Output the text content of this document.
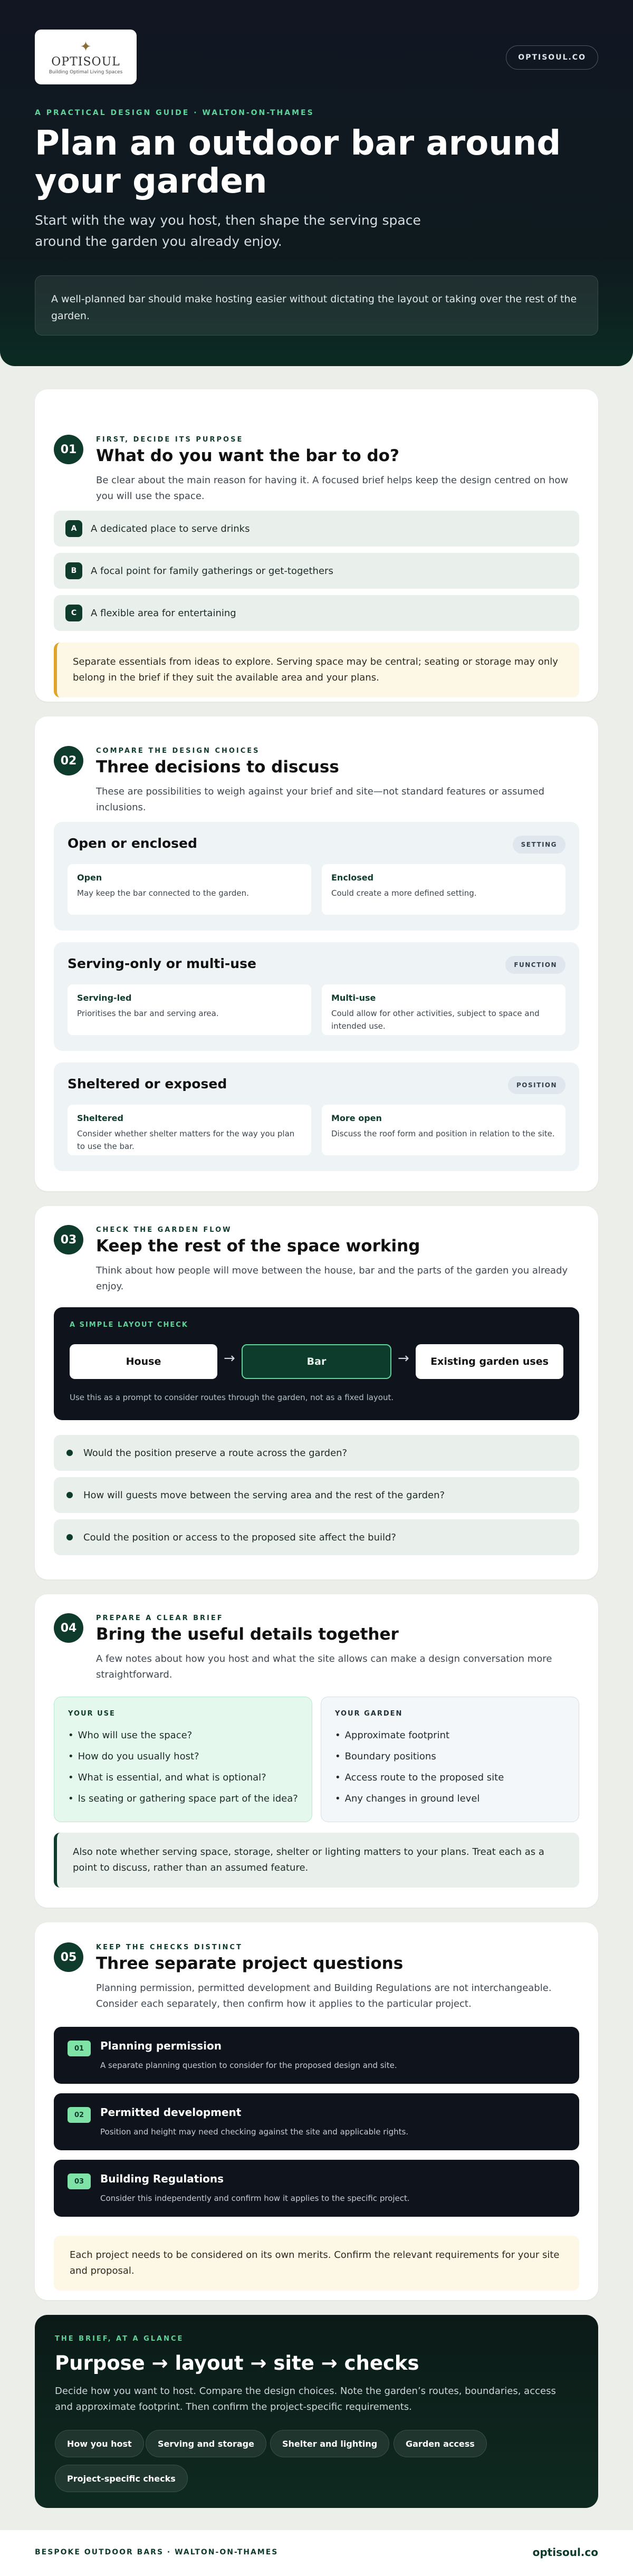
✦
OPTISOUL
Building Optimal Living Spaces
OPTISOUL.CO
A PRACTICAL DESIGN GUIDE · WALTON-ON-THAMES
Plan an outdoor bar around your garden

Start with the way you host, then shape the serving space around the garden you already enjoy.

A well-planned bar should make hosting easier without dictating the layout or taking over the rest of the garden.
01
FIRST, DECIDE ITS PURPOSE
What do you want the bar to do?

Be clear about the main reason for having it. A focused brief helps keep the design centred on how you will use the space.

A	A dedicated place to serve drinks
B	A focal point for family gatherings or get-togethers
C	A flexible area for entertaining
Separate essentials from ideas to explore. Serving space may be central; seating or storage may only belong in the brief if they suit the available area and your plans.
02
COMPARE THE DESIGN CHOICES
Three decisions to discuss

These are possibilities to weigh against your brief and site—not standard features or assumed inclusions.

Open or enclosed	SETTING
Open
May keep the bar connected to the garden.
Enclosed
Could create a more defined setting.
Serving-only or multi-use	FUNCTION
Serving-led
Prioritises the bar and serving area.
Multi-use
Could allow for other activities, subject to space and intended use.
Sheltered or exposed	POSITION
Sheltered
Consider whether shelter matters for the way you plan to use the bar.
More open
Discuss the roof form and position in relation to the site.
03
CHECK THE GARDEN FLOW
Keep the rest of the space working

Think about how people will move between the house, bar and the parts of the garden you already enjoy.

A SIMPLE LAYOUT CHECK
House	→	Bar	→	Existing garden uses
Use this as a prompt to consider routes through the garden, not as a fixed layout.
Would the position preserve a route across the garden?
How will guests move between the serving area and the rest of the garden?
Could the position or access to the proposed site affect the build?
04
PREPARE A CLEAR BRIEF
Bring the useful details together

A few notes about how you host and what the site allows can make a design conversation more straightforward.

YOUR USE
• Who will use the space?
• How do you usually host?
• What is essential, and what is optional?
• Is seating or gathering space part of the idea?
YOUR GARDEN
• Approximate footprint
• Boundary positions
• Access route to the proposed site
• Any changes in ground level
Also note whether serving space, storage, shelter or lighting matters to your plans. Treat each as a point to discuss, rather than an assumed feature.
05
KEEP THE CHECKS DISTINCT
Three separate project questions

Planning permission, permitted development and Building Regulations are not interchangeable. Consider each separately, then confirm how it applies to the particular project.

01	Planning permission
A separate planning question to consider for the proposed design and site.
02	Permitted development
Position and height may need checking against the site and applicable rights.
03	Building Regulations
Consider this independently and confirm how it applies to the specific project.
Each project needs to be considered on its own merits. Confirm the relevant requirements for your site and proposal.
THE BRIEF, AT A GLANCE
Purpose → layout → site → checks
Decide how you want to host. Compare the design choices. Note the garden’s routes, boundaries, access and approximate footprint. Then confirm the project-specific requirements.
How you host	Serving and storage	Shelter and lighting	Garden access
Project-specific checks
BESPOKE OUTDOOR BARS · WALTON-ON-THAMES	optisoul.co
